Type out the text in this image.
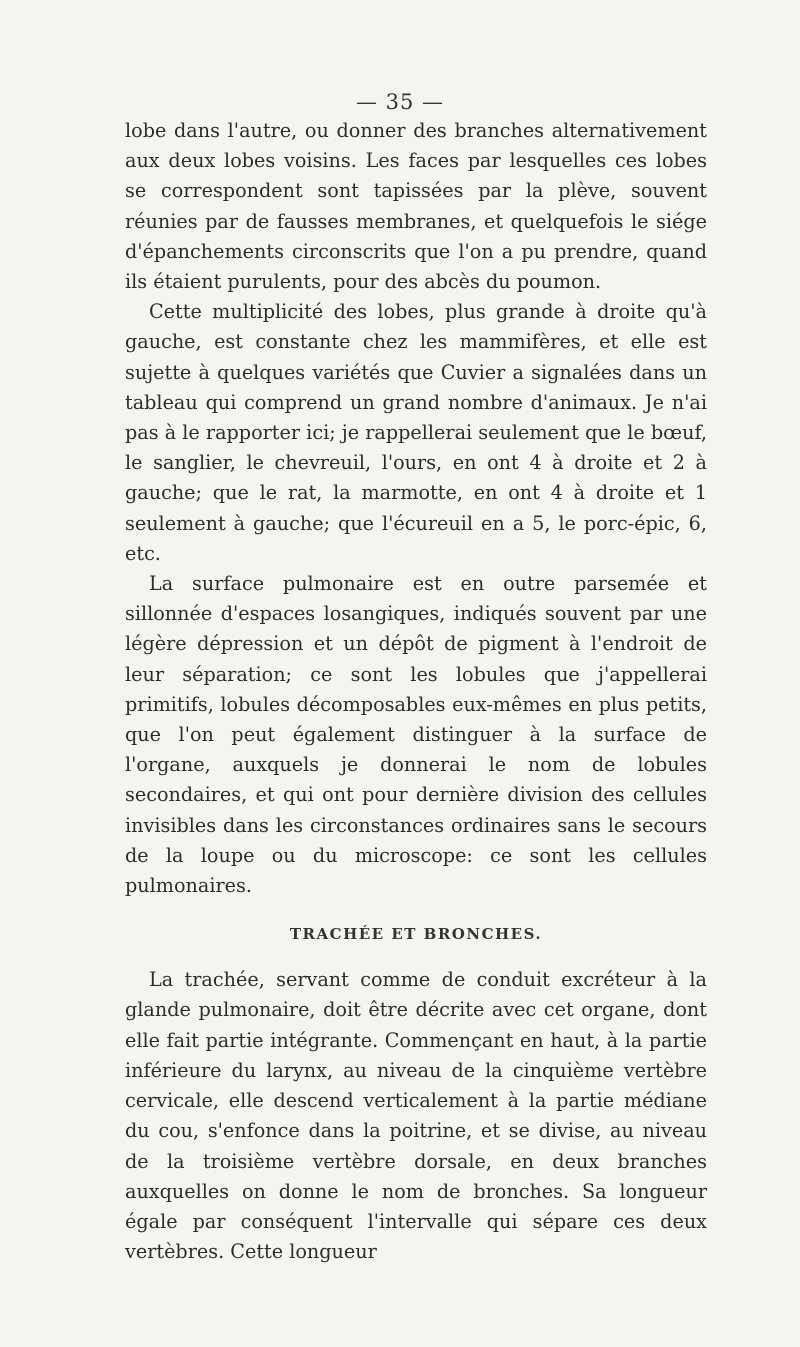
— 35 —

lobe dans l'autre, ou donner des branches alternativement aux deux lobes voisins. Les faces par lesquelles ces lobes se correspondent sont tapissées par la plève, souvent réunies par de fausses membranes, et quelquefois le siége d'épanchements circonscrits que l'on a pu prendre, quand ils étaient purulents, pour des abcès du poumon.

Cette multiplicité des lobes, plus grande à droite qu'à gauche, est constante chez les mammifères, et elle est sujette à quelques variétés que Cuvier a signalées dans un tableau qui comprend un grand nombre d'animaux. Je n'ai pas à le rapporter ici; je rappellerai seulement que le bœuf, le sanglier, le chevreuil, l'ours, en ont 4 à droite et 2 à gauche; que le rat, la marmotte, en ont 4 à droite et 1 seulement à gauche; que l'écureuil en a 5, le porc-épic, 6, etc.

La surface pulmonaire est en outre parsemée et sillonnée d'espaces losangiques, indiqués souvent par une légère dépression et un dépôt de pigment à l'endroit de leur séparation; ce sont les lobules que j'appellerai primitifs, lobules décomposables eux-mêmes en plus petits, que l'on peut également distinguer à la surface de l'organe, auxquels je donnerai le nom de lobules secondaires, et qui ont pour dernière division des cellules invisibles dans les circonstances ordinaires sans le secours de la loupe ou du microscope: ce sont les cellules pulmonaires.

TRACHÉE ET BRONCHES.

La trachée, servant comme de conduit excréteur à la glande pulmonaire, doit être décrite avec cet organe, dont elle fait partie intégrante. Commençant en haut, à la partie inférieure du larynx, au niveau de la cinquième vertèbre cervicale, elle descend verticalement à la partie médiane du cou, s'enfonce dans la poitrine, et se divise, au niveau de la troisième vertèbre dorsale, en deux branches auxquelles on donne le nom de bronches. Sa longueur égale par conséquent l'intervalle qui sépare ces deux vertèbres. Cette longueur
